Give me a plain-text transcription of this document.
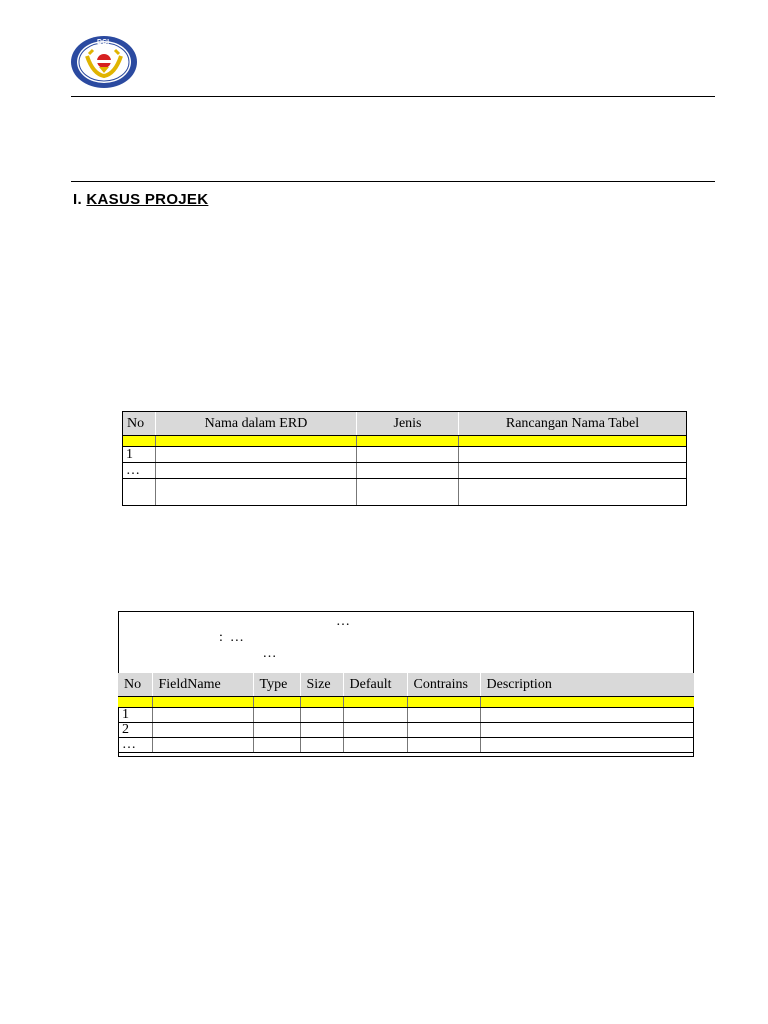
DCI
I. KASUS PROJEK
No	Nama dalam ERD	Jenis	Rancangan Nama Tabel

1			
…			

…
: …
…
No	FieldName	Type	Size	Default	Contrains	Description

1						
2						
…						
